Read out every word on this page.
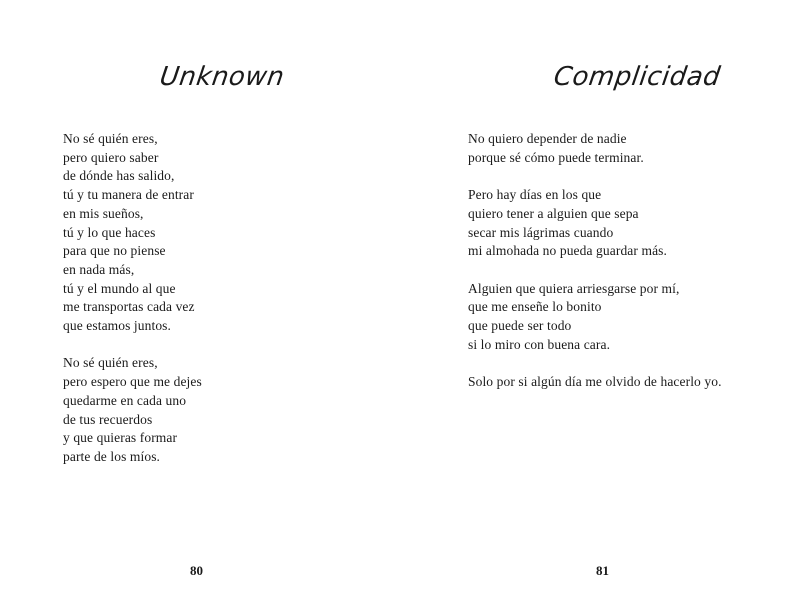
Unknown
No sé quién eres,
pero quiero saber
de dónde has salido,
tú y tu manera de entrar
en mis sueños,
tú y lo que haces
para que no piense
en nada más,
tú y el mundo al que
me transportas cada vez
que estamos juntos.
No sé quién eres,
pero espero que me dejes
quedarme en cada uno
de tus recuerdos
y que quieras formar
parte de los míos.
80
Complicidad
No quiero depender de nadie
porque sé cómo puede terminar.
Pero hay días en los que
quiero tener a alguien que sepa
secar mis lágrimas cuando
mi almohada no pueda guardar más.
Alguien que quiera arriesgarse por mí,
que me enseñe lo bonito
que puede ser todo
si lo miro con buena cara.
Solo por si algún día me olvido de hacerlo yo.
81
